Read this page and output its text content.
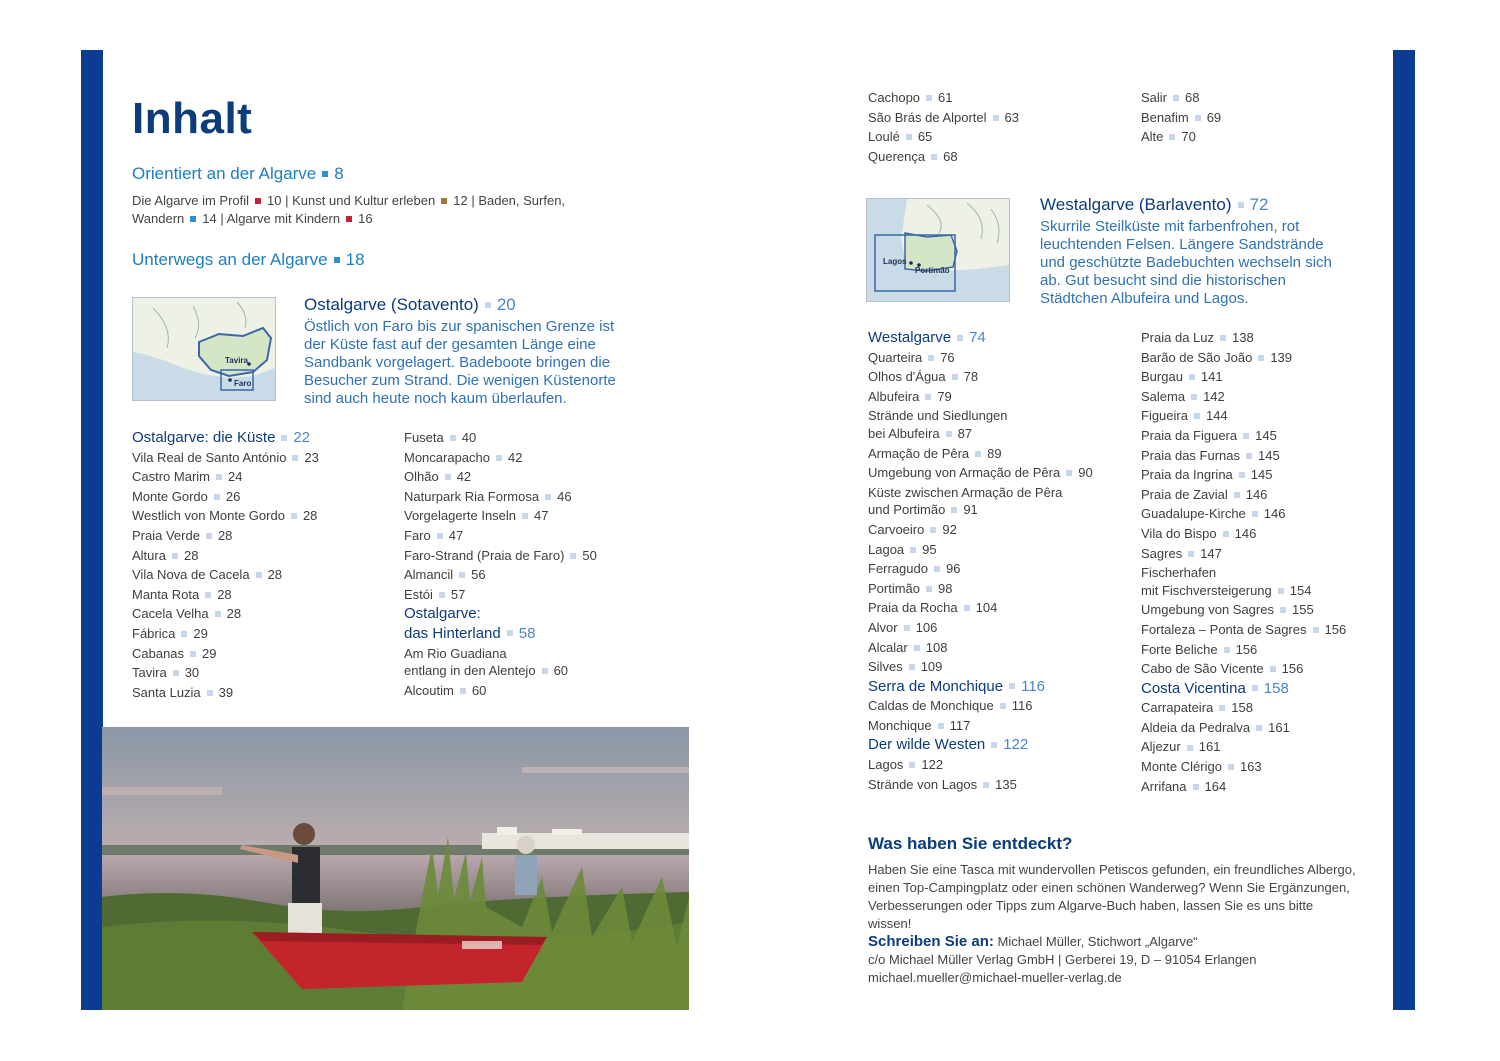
Inhalt
Orientiert an der Algarve 8
Die Algarve im Profil 10 | Kunst und Kultur erleben 12 | Baden, Surfen, Wandern 14 | Algarve mit Kindern 16
Unterwegs an der Algarve 18
Tavira
Faro
Ostalgarve (Sotavento) 20
Östlich von Faro bis zur spanischen Grenze ist der Küste fast auf der gesamten Länge eine Sandbank vorgelagert. Badeboote bringen die Besucher zum Strand. Die wenigen Küstenorte sind auch heute noch kaum überlaufen.
Ostalgarve: die Küste 22
Vila Real de Santo António 23
Castro Marim 24
Monte Gordo 26
Westlich von Monte Gordo 28
Praia Verde 28
Altura 28
Vila Nova de Cacela 28
Manta Rota 28
Cacela Velha 28
Fábrica 29
Cabanas 29
Tavira 30
Santa Luzia 39
Fuseta 40
Moncarapacho 42
Olhão 42
Naturpark Ria Formosa 46
Vorgelagerte Inseln 47
Faro 47
Faro-Strand (Praia de Faro) 50
Almancil 56
Estói 57
Ostalgarve:
das Hinterland 58
Am Rio Guadiana
entlang in den Alentejo 60
Alcoutim 60
Cachopo 61
São Brás de Alportel 63
Loulé 65
Querença 68
Salir 68
Benafim 69
Alte 70
Lagos
Portimão
Westalgarve (Barlavento) 72
Skurrile Steilküste mit farbenfrohen, rot leuchtenden Felsen. Längere Sandstrände und geschützte Badebuchten wechseln sich ab. Gut besucht sind die historischen Städtchen Albufeira und Lagos.
Westalgarve 74
Quarteira 76
Olhos d'Água 78
Albufeira 79
Strände und Siedlungen
bei Albufeira 87
Armação de Pêra 89
Umgebung von Armação de Pêra 90
Küste zwischen Armação de Pêra
und Portimão 91
Carvoeiro 92
Lagoa 95
Ferragudo 96
Portimão 98
Praia da Rocha 104
Alvor 106
Alcalar 108
Silves 109
Serra de Monchique 116
Caldas de Monchique 116
Monchique 117
Der wilde Westen 122
Lagos 122
Strände von Lagos 135
Praia da Luz 138
Barão de São João 139
Burgau 141
Salema 142
Figueira 144
Praia da Figuera 145
Praia das Furnas 145
Praia da Ingrina 145
Praia de Zavial 146
Guadalupe-Kirche 146
Vila do Bispo 146
Sagres 147
Fischerhafen
mit Fischversteigerung 154
Umgebung von Sagres 155
Fortaleza – Ponta de Sagres 156
Forte Beliche 156
Cabo de São Vicente 156
Costa Vicentina 158
Carrapateira 158
Aldeia da Pedralva 161
Aljezur 161
Monte Clérigo 163
Arrifana 164
Was haben Sie entdeckt?
Haben Sie eine Tasca mit wundervollen Petiscos gefunden, ein freundliches Albergo, einen Top-Campingplatz oder einen schönen Wanderweg? Wenn Sie Ergänzungen, Verbesserungen oder Tipps zum Algarve-Buch haben, lassen Sie es uns bitte wissen!
Schreiben Sie an: Michael Müller, Stichwort „Algarve“
c/o Michael Müller Verlag GmbH | Gerberei 19, D – 91054 Erlangen
michael.mueller@michael-mueller-verlag.de
